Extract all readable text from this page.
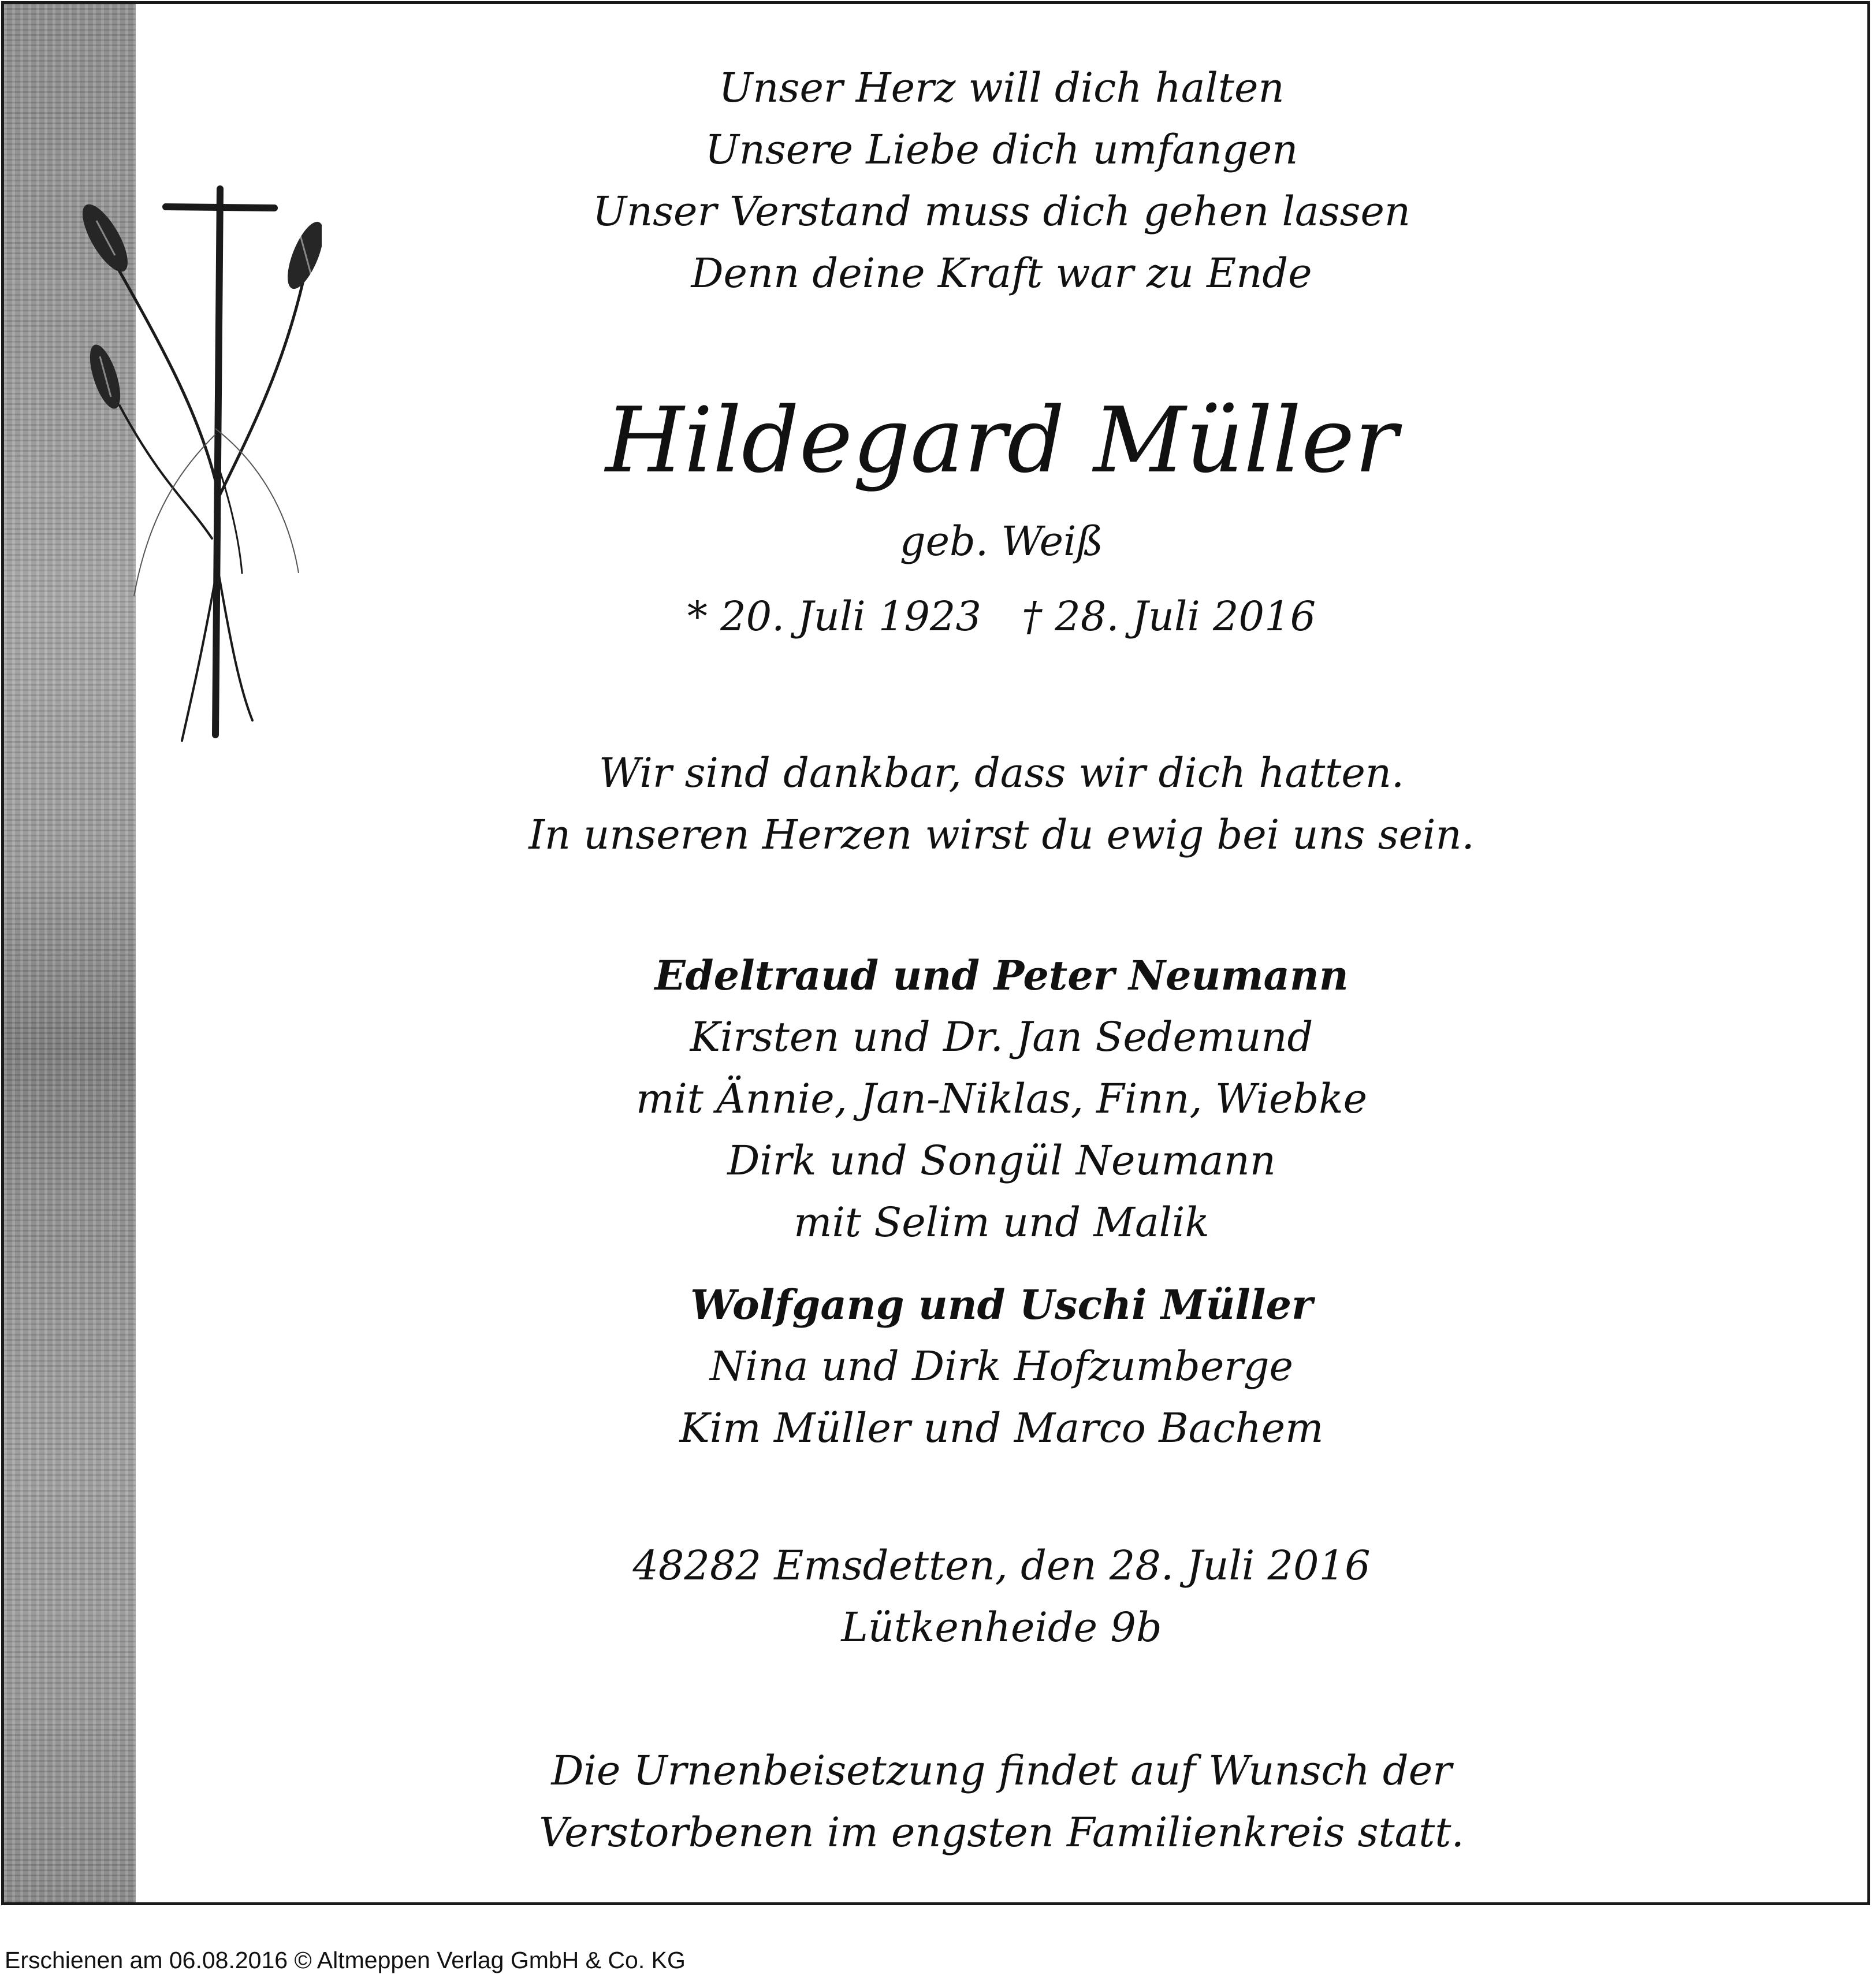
Unser Herz will dich halten
Unsere Liebe dich umfangen
Unser Verstand muss dich gehen lassen
Denn deine Kraft war zu Ende
Hildegard Müller
geb. Weiß
* 20. Juli 1923 † 28. Juli 2016
Wir sind dankbar, dass wir dich hatten.
In unseren Herzen wirst du ewig bei uns sein.
Edeltraud und Peter Neumann
Kirsten und Dr. Jan Sedemund
mit Ännie, Jan-Niklas, Finn, Wiebke
Dirk und Songül Neumann
mit Selim und Malik
Wolfgang und Uschi Müller
Nina und Dirk Hofzumberge
Kim Müller und Marco Bachem
48282 Emsdetten, den 28. Juli 2016
Lütkenheide 9b
Die Urnenbeisetzung findet auf Wunsch der
Verstorbenen im engsten Familienkreis statt.
Erschienen am 06.08.2016 © Altmeppen Verlag GmbH & Co. KG
